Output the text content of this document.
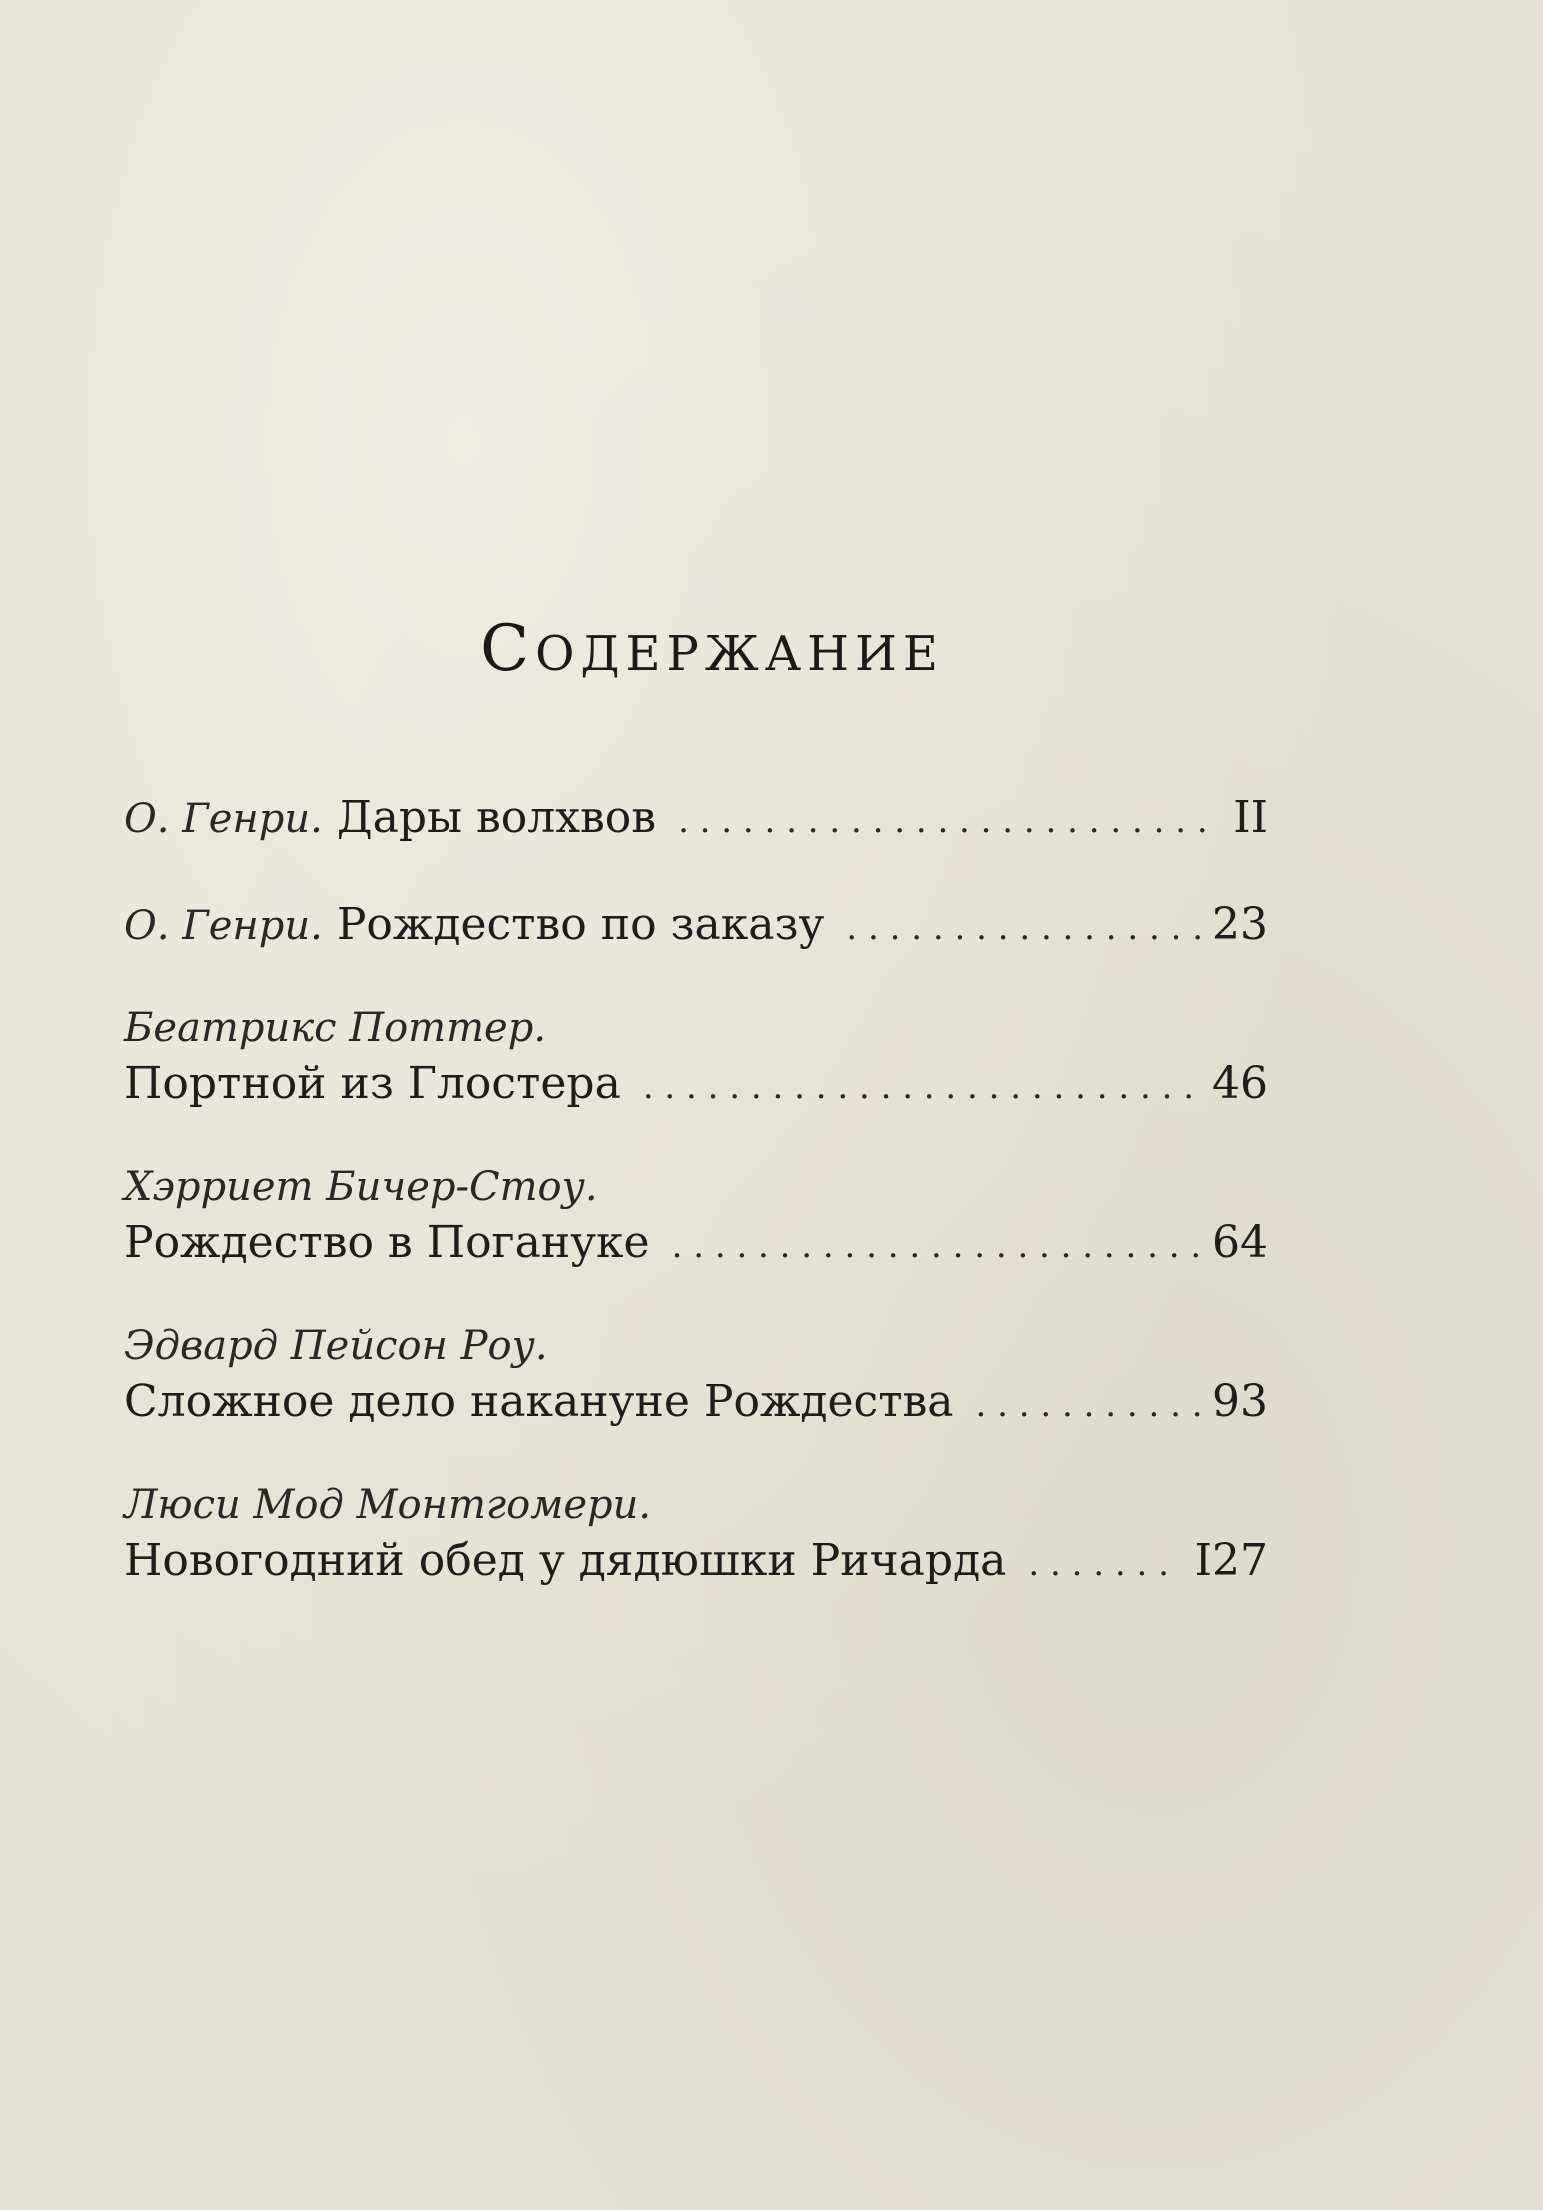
СОДЕРЖАНИЕ
О. Генри. Дары волхвов . . .	II
О. Генри. Рождество по заказу . . .	23
Беатрикс Поттер.
Портной из Глостера . . .	46
Хэрриет Бичер-Стоу.
Рождество в Погануке . . .	64
Эдвард Пейсон Роу.
Сложное дело накануне Рождества . . .	93
Люси Мод Монтгомери.
Новогодний обед у дядюшки Ричарда . . .	I27
